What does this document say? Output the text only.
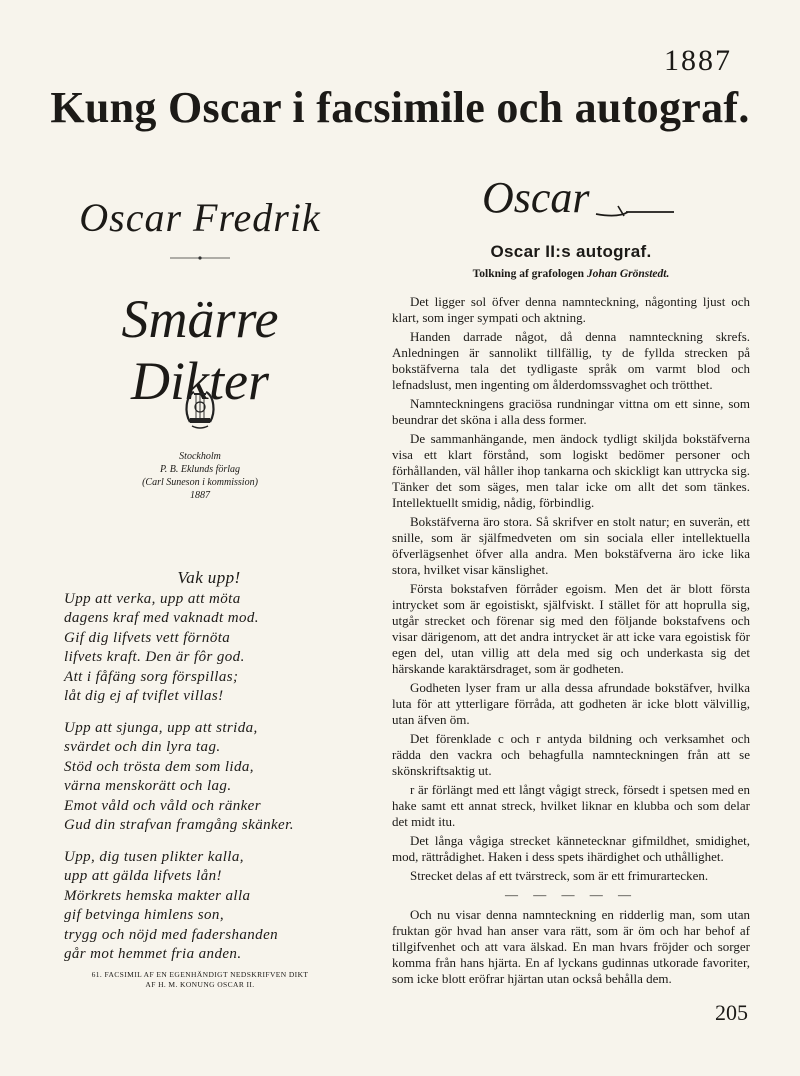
1887
Kung Oscar i facsimile och autograf.
Oscar Fredrik
Smärre Dikter
Stockholm
P. B. Eklunds förlag
(Carl Suneson i kommission)
1887
Vak upp!
Upp att verka, upp att möta
dagens kraf med vaknadt mod.
Gif dig lifvets vett förnöta
lifvets kraft. Den är fôr god.
Att i fåfäng sorg förspillas;
låt dig ej af tviflet villas!
Upp att sjunga, upp att strida,
svärdet och din lyra tag.
Stöd och trösta dem som lida,
värna menskorätt och lag.
Emot våld och våld och ränker
Gud din strafvan framgång skänker.
Upp, dig tusen plikter kalla,
upp att gälda lifvets lån!
Mörkrets hemska makter alla
gif betvinga himlens son,
trygg och nöjd med fadershanden
går mot hemmet fria anden.
61. FACSIMIL AF EN EGENHÄNDIGT NEDSKRIFVEN DIKT
AF H. M. KONUNG OSCAR II.
Oscar
Oscar II:s autograf.
Tolkning af grafologen Johan Grönstedt.

Det ligger sol öfver denna namnteckning, någonting ljust och klart, som inger sympati och aktning.

Handen darrade något, då denna namnteckning skrefs. Anledningen är sannolikt tillfällig, ty de fyllda strecken på bokstäfverna tala det tydligaste språk om varmt blod och lefnadslust, men ingenting om ålderdomssvaghet och trötthet.

Namnteckningens graciösa rundningar vittna om ett sinne, som beundrar det sköna i alla dess former.

De sammanhängande, men ändock tydligt skiljda bokstäfverna visa ett klart förstånd, som logiskt bedömer personer och förhållanden, väl håller ihop tankarna och skickligt kan uttrycka sig. Tänker det som säges, men talar icke om allt det som tänkes. Intellektuellt smidig, nådig, förbindlig.

Bokstäfverna äro stora. Så skrifver en stolt natur; en suverän, ett snille, som är själfmedveten om sin sociala eller intellektuella öfverlägsenhet öfver alla andra. Men bokstäfverna äro icke lika stora, hvilket visar känslighet.

Första bokstafven förråder egoism. Men det är blott första intrycket som är egoistiskt, själfviskt. I stället för att hoprulla sig, utgår strecket och förenar sig med den följande bokstafvens och visar därigenom, att det andra intrycket är att icke vara egoistisk för egen del, utan villig att dela med sig och underkasta sig det härskande karaktärsdraget, som är godheten.

Godheten lyser fram ur alla dessa afrundade bokstäfver, hvilka luta för att ytterligare förråda, att godheten är icke blott välvillig, utan äfven öm.

Det förenklade c och r antyda bildning och verksamhet och rädda den vackra och behagfulla namnteckningen från att se skönskriftsaktig ut.

r är förlängt med ett långt vågigt streck, försedt i spetsen med en hake samt ett annat streck, hvilket liknar en klubba och som delar det midt itu.

Det långa vågiga strecket kännetecknar gifmildhet, smidighet, mod, rättrådighet. Haken i dess spets ihärdighet och uthållighet.

Strecket delas af ett tvärstreck, som är ett frimurartecken.

— — — — —

Och nu visar denna namnteckning en ridderlig man, som utan fruktan gör hvad han anser vara rätt, som är öm och har behof af tillgifvenhet och att vara älskad. En man hvars fröjder och sorger komma från hans hjärta. En af lyckans gudinnas utkorade favoriter, som icke blott eröfrar hjärtan utan också behålla dem.

205
